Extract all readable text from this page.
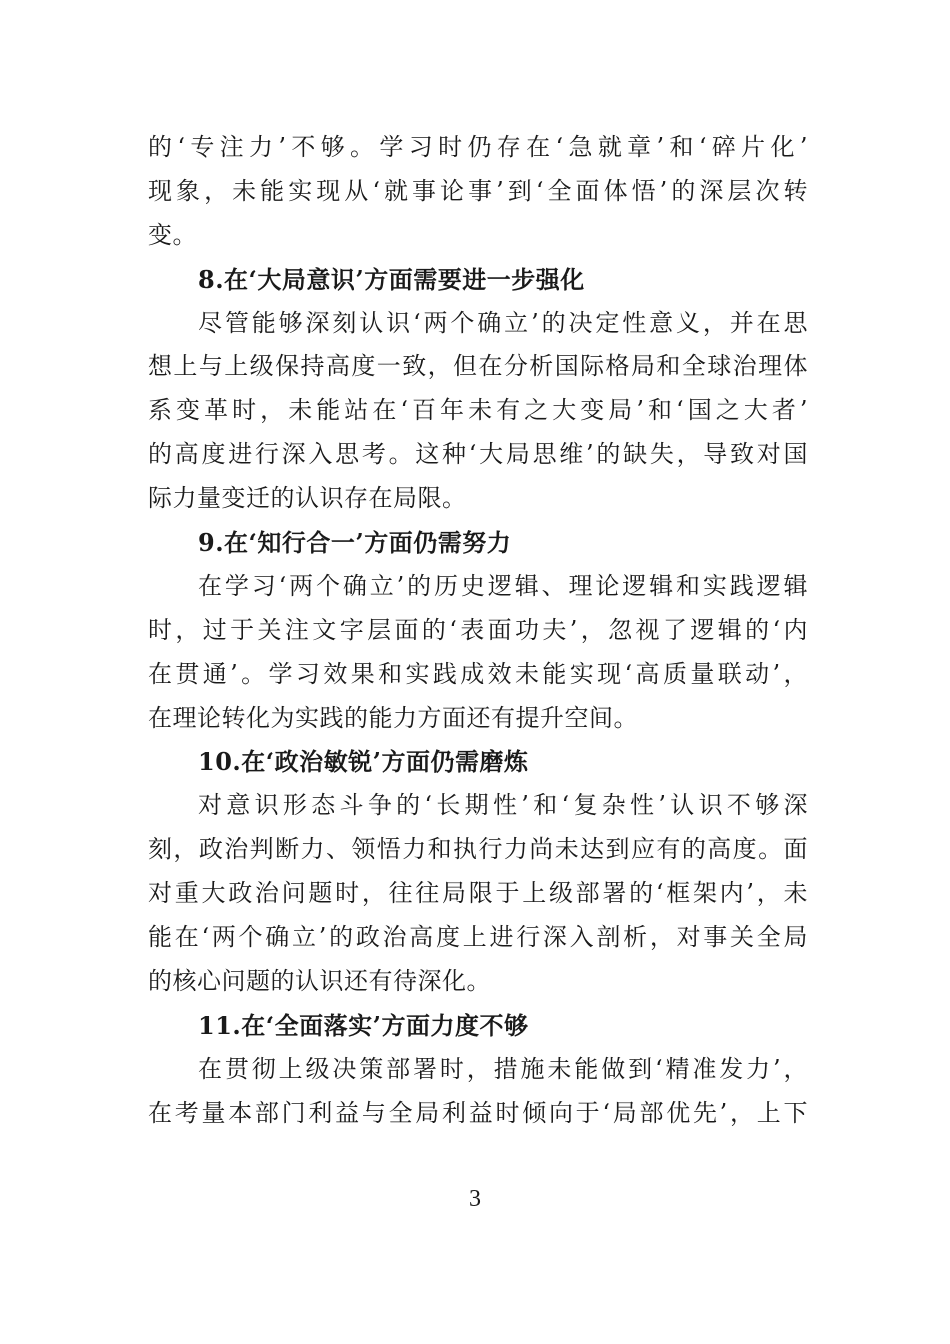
的‘专注力’不够。学习时仍存在‘急就章’和‘碎片化’
现象，未能实现从‘就事论事’到‘全面体悟’的深层次转
变。
8.在‘大局意识’方面需要进一步强化
尽管能够深刻认识‘两个确立’的决定性意义，并在思
想上与上级保持高度一致，但在分析国际格局和全球治理体
系变革时，未能站在‘百年未有之大变局’和‘国之大者’
的高度进行深入思考。这种‘大局思维’的缺失，导致对国
际力量变迁的认识存在局限。
9.在‘知行合一’方面仍需努力
在学习‘两个确立’的历史逻辑、理论逻辑和实践逻辑
时，过于关注文字层面的‘表面功夫’，忽视了逻辑的‘内
在贯通’。学习效果和实践成效未能实现‘高质量联动’，
在理论转化为实践的能力方面还有提升空间。
10.在‘政治敏锐’方面仍需磨炼
对意识形态斗争的‘长期性’和‘复杂性’认识不够深
刻，政治判断力、领悟力和执行力尚未达到应有的高度。面
对重大政治问题时，往往局限于上级部署的‘框架内’，未
能在‘两个确立’的政治高度上进行深入剖析，对事关全局
的核心问题的认识还有待深化。
11.在‘全面落实’方面力度不够
在贯彻上级决策部署时，措施未能做到‘精准发力’，
在考量本部门利益与全局利益时倾向于‘局部优先’，上下
3
